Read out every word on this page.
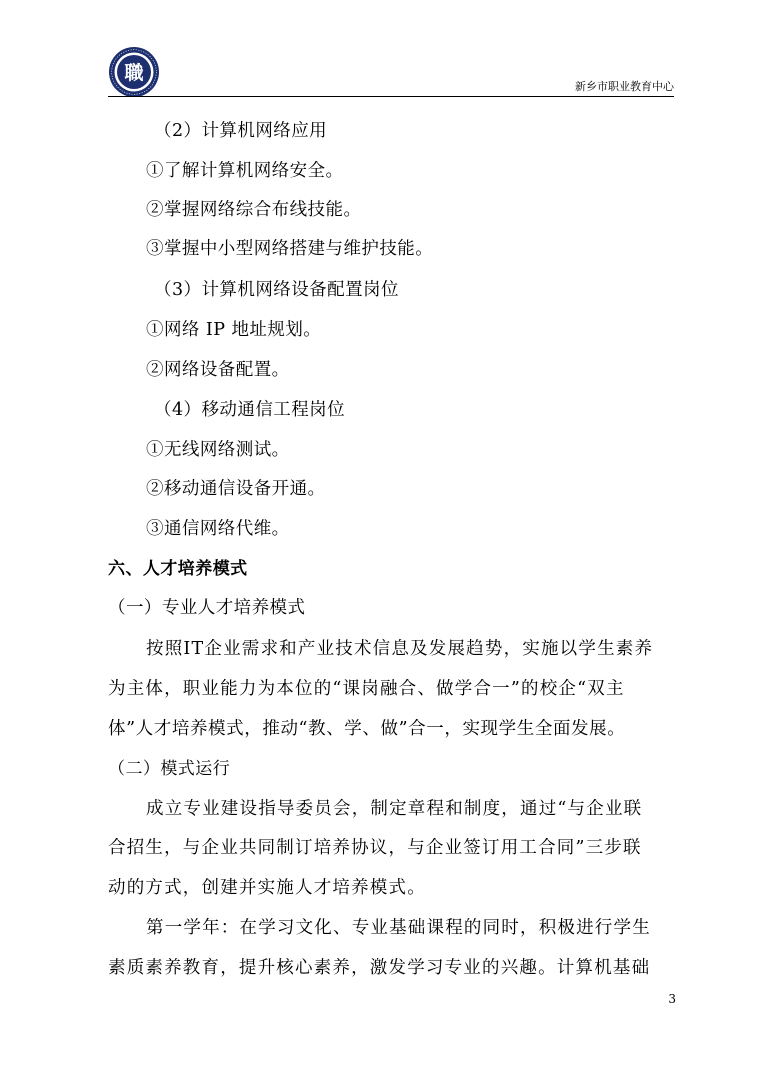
職
新乡市职业教育中心
（2）计算机网络应用
①了解计算机网络安全。
②掌握网络综合布线技能。
③掌握中小型网络搭建与维护技能。
（3）计算机网络设备配置岗位
①网络 IP 地址规划。
②网络设备配置。
（4）移动通信工程岗位
①无线网络测试。
②移动通信设备开通。
③通信网络代维。
六、人才培养模式
（一）专业人才培养模式
按照IT企业需求和产业技术信息及发展趋势，实施以学生素养
为主体，职业能力为本位的“课岗融合、做学合一”的校企“双主
体”人才培养模式，推动“教、学、做”合一，实现学生全面发展。
（二）模式运行
成立专业建设指导委员会，制定章程和制度，通过“与企业联
合招生，与企业共同制订培养协议，与企业签订用工合同”三步联
动的方式，创建并实施人才培养模式。
第一学年：在学习文化、专业基础课程的同时，积极进行学生
素质素养教育，提升核心素养，激发学习专业的兴趣。计算机基础
3
